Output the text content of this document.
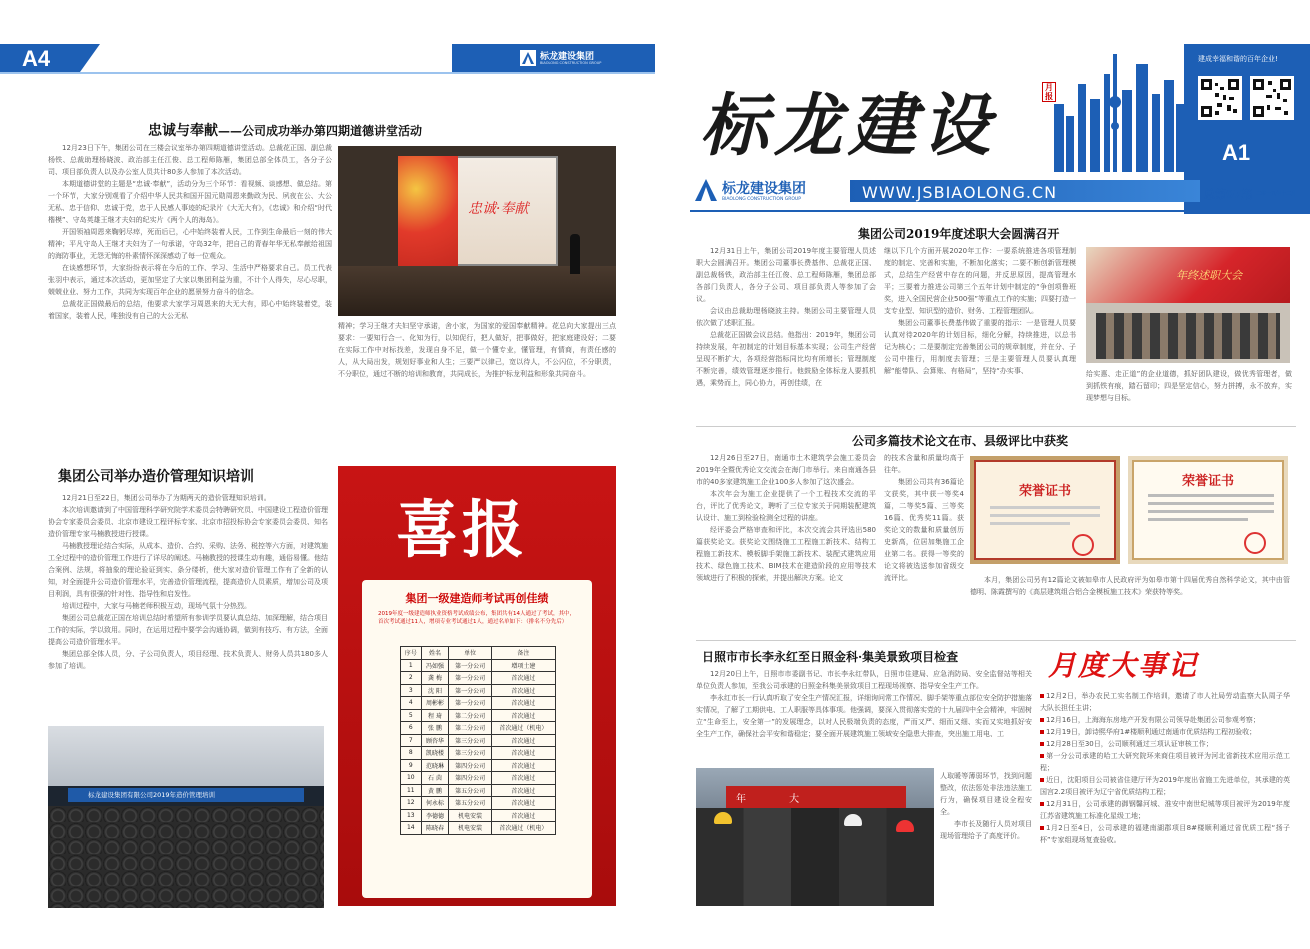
A4	标龙建设集团
BIAOLONG CONSTRUCTION GROUP
忠诚与奉献——公司成功举办第四期道德讲堂活动

12月23日下午，集团公司在三楼会议室举办第四期道德讲堂活动。总裁花正国、副总裁杨铁、总裁助理杨晓波、政治部主任江俊、总工程师陈雁，集团总部全体员工，各分子公司、项目部负责人以及办公室人员共计80多人参加了本次活动。

本期道德讲堂的主题是“忠诚·奉献”，活动分为三个环节：看视频、谈感想、做总结。第一个环节，大家分别观看了介绍中华人民共和国开国元勋周恩来勤政为民、夙夜在公、大公无私、忠于信仰、忠诚于党，忠于人民感人事迹的纪录片《大无大有》，《忠诚》和介绍“时代楷模”、守岛英雄王继才夫妇的纪实片《两个人的海岛》。

开国领袖周恩来鞠躬尽瘁，死而后已，心中始终装着人民，工作到生命最后一刻的伟大精神；平凡守岛人王继才夫妇为了一句承诺，守岛32年，把自己的青春年华无私奉献给祖国的海防事业，无怨无悔的朴素情怀深深感动了每一位观众。

在谈感想环节，大家纷纷表示将在今后的工作、学习、生活中严格要求自己。员工代表张羽中表示，通过本次活动，更加坚定了大家以集团利益为重，不计个人得失，尽心尽职，兢兢业业、努力工作，共同为实现百年企业的愿景努力奋斗的信念。

总裁花正国做最后的总结，他要求大家学习周恩来的大无大有，即心中始终装着党，装着国家，装着人民，唯独没有自己的大公无私

忠诚·奉献

精神；学习王继才夫妇坚守承诺，舍小家，为国家的爱国奉献精神。花总向大家提出三点要求：一要知行合一、化知为行，以知促行，把人做好，把事做好，把家庭建设好；二要在实际工作中对标找差，发现自身不足，做一个懂专业，懂管理，有情商，有责任感的人，从大局出发，规划好事业和人生；三要严以律己，宽以待人，不公闪位，不分职责，不分职位，通过不断的培训和教育，共同成长，为推护标龙利益和形象共同奋斗。

集团公司举办造价管理知识培训

12月21日至22日，集团公司举办了为期两天的造价管理知识培训。

本次培训邀请到了中国管理科学研究院学术委员会特聘研究员、中国建设工程造价管理协会专家委员会委员、北京市建设工程评标专家、北京市招投标协会专家委员会委员、知名造价管理专家马楠教授进行授课。

马楠教授理论结合实际，从成本、造价、合约、采购、法务、税控等六方面，对建筑施工全过程中的造价管理工作进行了详尽的阐述。马楠教授的授课生动有趣，通俗易懂。他结合案例、法规，将抽象的理论验证到实、条分缕析，使大家对造价管理工作有了全新的认知，对全面提升公司造价管理水平，完善造价管理流程，提高造价人员素质，增加公司及项目利润，具有很强的针对性、指导性和启发性。

培训过程中，大家与马楠老师积极互动，现场气氛十分热烈。

集团公司总裁花正国在培训总结时希望所有参训学员要认真总结、加深理解，结合项目工作的实际，学以致用。同时，在运用过程中要学会沟通协调，做到有技巧、有方法，全面提高公司造价管理水平。

集团总部全体人员，分、子公司负责人，项目经理、技术负责人、财务人员共180多人参加了培训。

标龙建设集团有限公司2019年造价管理培训
喜报
集团一级建造师考试再创佳绩
2019年度一级建造师执业资格考试成绩公布，集团共有14人通过了考试，其中，首次考试通过11人，增项专业考试通过1人，通过名单如下：（排名不分先后）
序号	姓名	单位	备注
1	冯如强	第一分公司	增项土建
2	龚 梅	第一分公司	首次通过
3	沈 阳	第一分公司	首次通过
4	周彬彬	第一分公司	首次通过
5	程 琦	第二分公司	首次通过
6	张 鹏	第二分公司	首次通过（机电）
7	顾咨华	第三分公司	首次通过
8	凯晓楼	第三分公司	首次通过
9	范晓琳	第四分公司	首次通过
10	石 茵	第四分公司	首次通过
11	黄 鹏	第五分公司	首次通过
12	何永标	第五分公司	首次通过
13	李德德	机电安装	首次通过
14	陈晓春	机电安装	首次通过（机电）
标龙建设	月报
建成幸福和谐的百年企业!
A1
标龙建设集团
BIAOLONG CONSTRUCTION GROUP	WWW.JSBIAOLONG.CN	总第07期 二零一九年十二月
集团公司2019年度述职大会圆满召开

12月31日上午，集团公司2019年度主要管理人员述职大会圆满召开。集团公司董事长费基伟、总裁花正国、副总裁杨铁，政治部主任江俊、总工程师陈雁，集团总部各部门负责人，各分子公司、项目部负责人等参加了会议。

会议由总裁助理杨晓波主持。集团公司主要管理人员依次做了述职汇报。

总裁花正国做会议总结。他指出：2019年，集团公司持续发展，年初制定的计划目标基本实现；公司生产经营呈现不断扩大，各项经营指标同比均有所增长；管理制度不断完善，绩效管理逐步推行。他鼓励全体标龙人要抓机遇，乘势而上，同心协力，再创佳绩，在

继以下几个方面开展2020年工作：一要系统推进各项管理制度的制定、完善和实施，不断加化落实；二要不断创新管理模式，总结生产经营中存在的问题，并反思原因，提高管理水平；三要着力推进公司第三个五年计划中制定的“争创项鲁班奖，进入全国民营企业500强”等重点工作的实施；四要打造一支专业型、知识型的造价、财务、工程管理团队。

集团公司董事长费基伟做了重要的指示：一是管理人员要认真对待2020年的计划目标，细化分解，持续推进，以总书记为核心；二是要制定完善集团公司的规章制度，并在分、子公司中推行，用制度去管理；三是主要管理人员要认真理解“能带队、会算账、有格局”，坚持“办实事、

年终述职大会

给实惠、走正道”的企业道德，抓好团队建设，做优秀管理者，做到抓铁有痕，踏石留印；四是坚定信心，努力拼搏，永不放弃，实现梦想与目标。

公司多篇技术论文在市、县级评比中获奖

12月26日至27日，南通市土木建筑学会施工委员会2019年全暨优秀论文交流会在海门市举行。来自南通各县市的40多家建筑施工企业100多人参加了这次盛会。

本次年会为施工企业提供了一个工程技术交流的平台，评比了优秀论文，聘听了三位专家关于同期装配建筑认设计、施工到检验检测全过程的讲座。

经评委会严格审查和评比，本次交流会共评选出580篇获奖论文。获奖论文围绕施工工程施工新技术、结构工程施工新技术、模板脚手架施工新技术、装配式建筑应用技术、绿色施工技术、BIM技术在建造阶段的应用等技术领域进行了积极的探索，并提出解决方案。论文

的技术含量和质量均高于往年。

集团公司共有36篇论文获奖，其中获一等奖4篇，二等奖5篇、三等奖16篇、优秀奖11篇。获奖论文的数量和质量创历史新高，位居加集施工企业第二名。获得一等奖的论文将被选送参加省级交流评比。

荣誉证书
荣誉证书

本月，集团公司另有12篇论文被如皋市人民政府评为如皋市第十四届优秀自然科学论文，其中由管德明、陈霞撰写的《高层建筑组合铝合金模板施工技术》荣获特等奖。

日照市市长李永红至日照金科·集美景致项目检查

12月20日上午，日照市市委副书记、市长李永红带队，日照市住建局、应急消防局、安全监督站等相关单位负责人参加，至我公司承建的日照金科集美景致项目工程现场视察、指导安全生产工作。

李永红市长一行认真听取了安全生产情况汇报，详细询问常工作情况、脚手架等重点部位安全防护措施落实情况，了解了工期供电、工人职服等具体事项。他强调，要深入贯彻落实党的十九届四中全会精神，牢固树立“生命至上，安全第一”的发展理念，以对人民极端负责的态度，严而又严、细而又细、实而又实地抓好安全生产工作，确保社会平安和谐稳定；要全面开展建筑施工领域安全隐患大排查，突出施工用电、工

年 大

人取暖等薄弱环节，找到问题整改，依法惩处非法违法施工行为，确保项目建设全程安全。

李市长及随行人员对项目现场管理给予了高度评价。

月度大事记
12月2日，举办农民工实名制工作培训，邀请了市人社局劳动监察大队周子华大队长担任主讲；
12月16日，上海海东房地产开发有限公司领导赴集团公司参观考察；
12月19日，卸诗熙华府1#楼顺利通过南通市优质结构工程初验收；
12月28日至30日，公司顺利通过三项认证审核工作；
第一分公司承建的哈工大研究院环来商住项目被评为河北省新技术应用示范工程；
近日，沈阳项目公司被省住建厅评为2019年度出省施工先进单位，其承建的英国宫2.2项目被评为辽宁省优质结构工程；
12月31日，公司承建的御钢馨河城、淮安中南世纪城等项目被评为2019年度江苏省建筑施工标准化星级工地；
1月2日至4日，公司承建的福建南湖郡项目8#楼顺利通过省优质工程“扬子杯”专家组现场复查验收。
